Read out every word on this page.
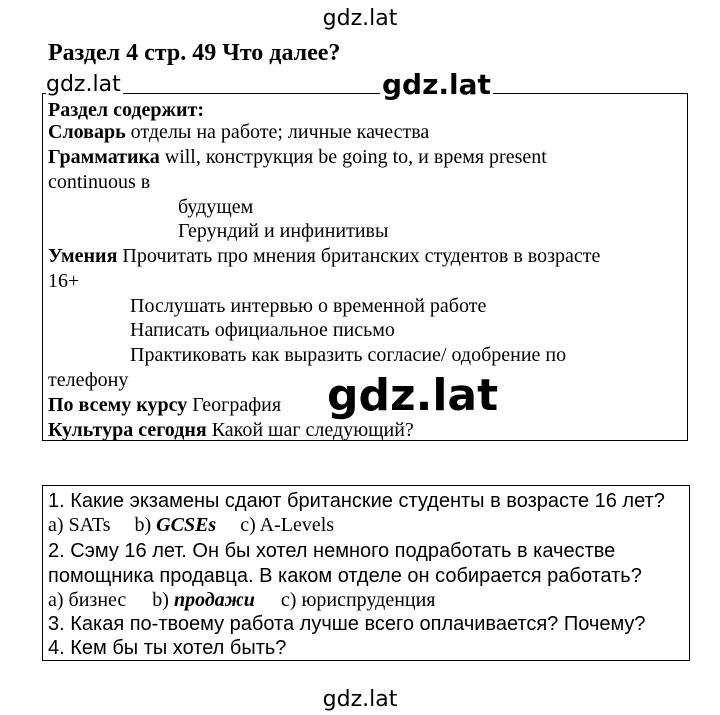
Раздел 4 стр. 49 Что далее?
Раздел содержит:
Словарь отделы на работе; личные качества
Грамматика will, конструкция be going to, и время present
continuous в
будущем
Герундий и инфинитивы
Умения Прочитать про мнения британских студентов в возрасте
16+
Послушать интервью о временной работе
Написать официальное письмо
Практиковать как выразить согласие/ одобрение по
телефону
По всему курсу География
Культура сегодня Какой шаг следующий?
1. Какие экзамены сдают британские студенты в возрасте 16 лет?
a) SATs b) GCSEs c) A-Levels
2. Сэму 16 лет. Он бы хотел немного подработать в качестве
помощника продавца. В каком отделе он собирается работать?
a) бизнес b) продажи c) юриспруденция
3. Какая по-твоему работа лучше всего оплачивается? Почему?
4. Кем бы ты хотел быть?
gdz.lat
gdz.lat	gdz.lat
gdz.lat
gdz.lat
